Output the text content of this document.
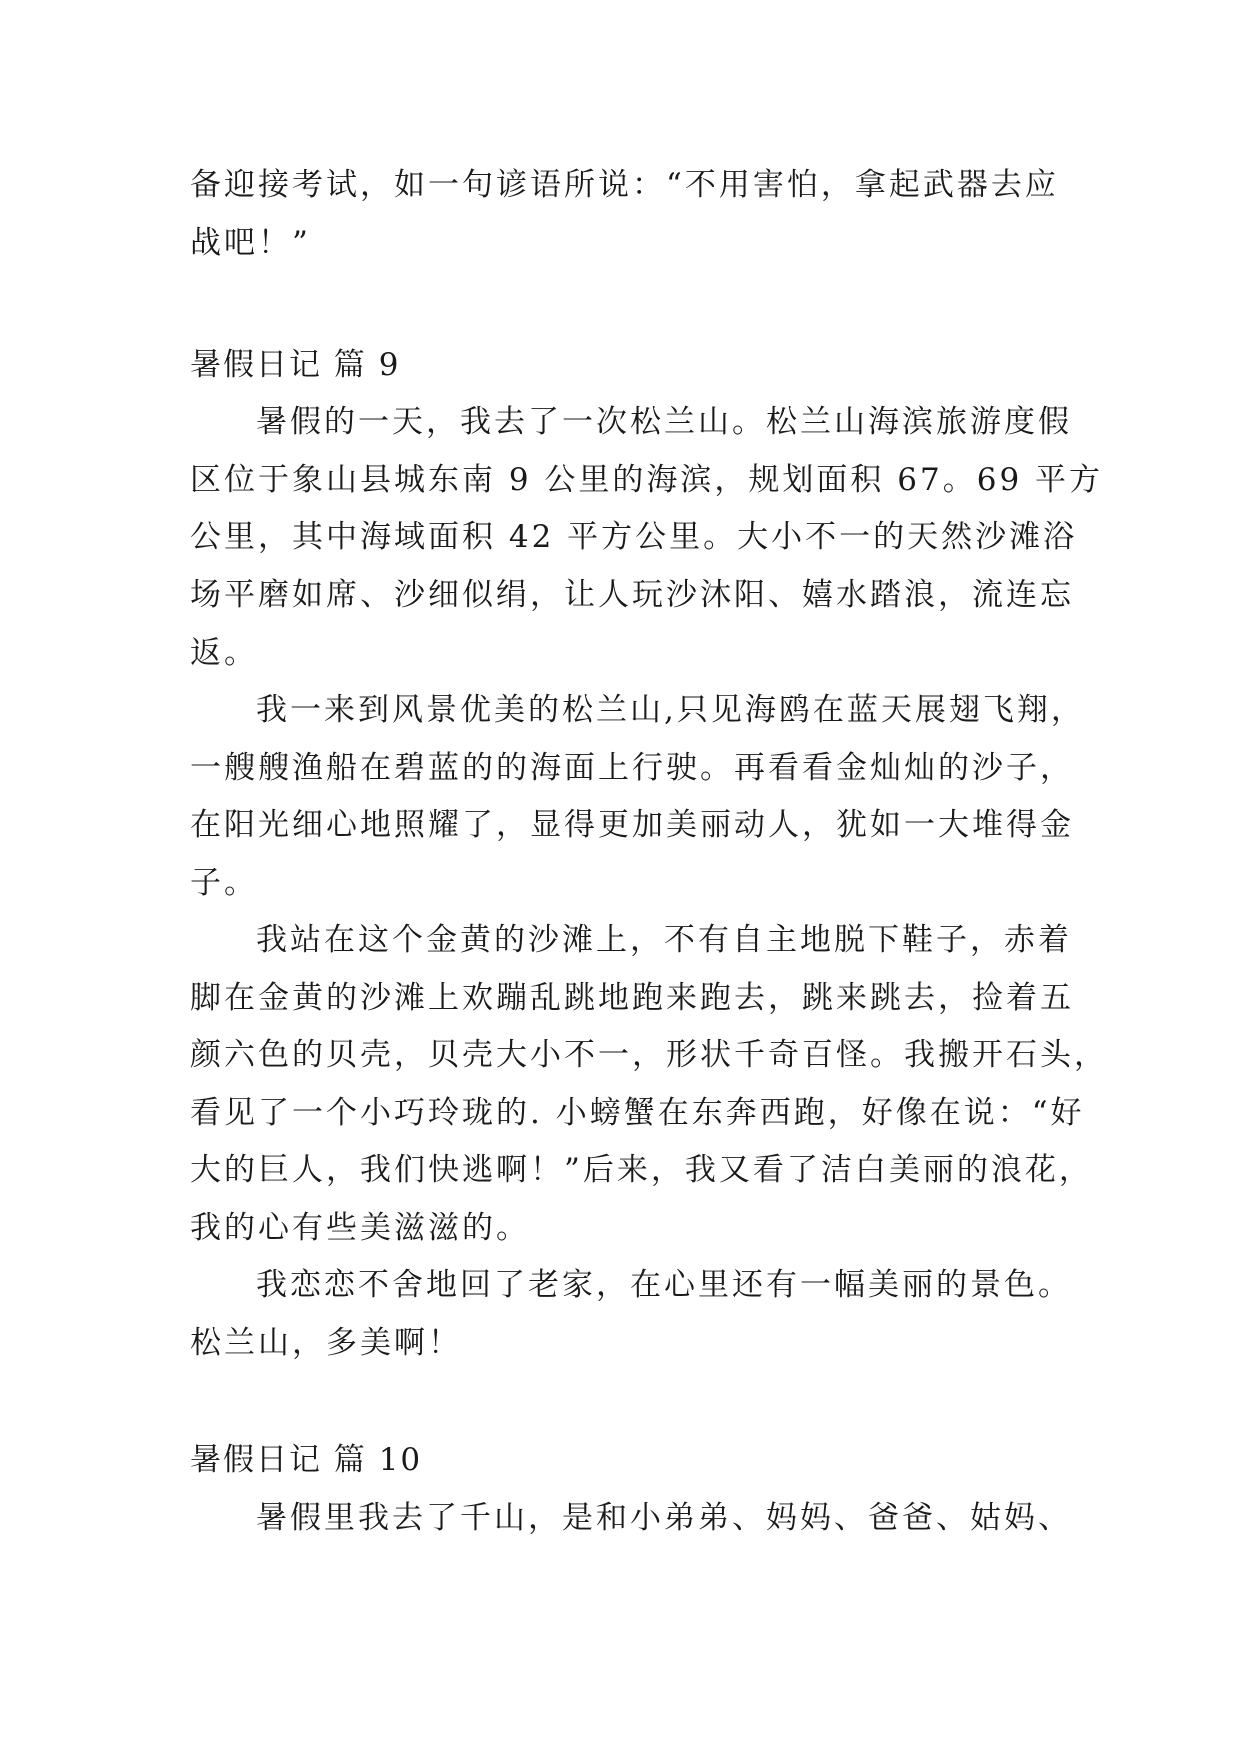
备迎接考试，如一句谚语所说：“不用害怕，拿起武器去应
战吧！”
暑假日记 篇 9
暑假的一天，我去了一次松兰山。松兰山海滨旅游度假
区位于象山县城东南 9 公里的海滨，规划面积 67。69 平方
公里，其中海域面积 42 平方公里。大小不一的天然沙滩浴
场平磨如席、沙细似绢，让人玩沙沐阳、嬉水踏浪，流连忘
返。
我一来到风景优美的松兰山,只见海鸥在蓝天展翅飞翔，
一艘艘渔船在碧蓝的的海面上行驶。再看看金灿灿的沙子，
在阳光细心地照耀了，显得更加美丽动人，犹如一大堆得金
子。
我站在这个金黄的沙滩上，不有自主地脱下鞋子，赤着
脚在金黄的沙滩上欢蹦乱跳地跑来跑去，跳来跳去，捡着五
颜六色的贝壳，贝壳大小不一，形状千奇百怪。我搬开石头，
看见了一个小巧玲珑的. 小螃蟹在东奔西跑，好像在说：“好
大的巨人，我们快逃啊！”后来，我又看了洁白美丽的浪花，
我的心有些美滋滋的。
我恋恋不舍地回了老家，在心里还有一幅美丽的景色。
松兰山，多美啊！
暑假日记 篇 10
暑假里我去了千山，是和小弟弟、妈妈、爸爸、姑妈、
